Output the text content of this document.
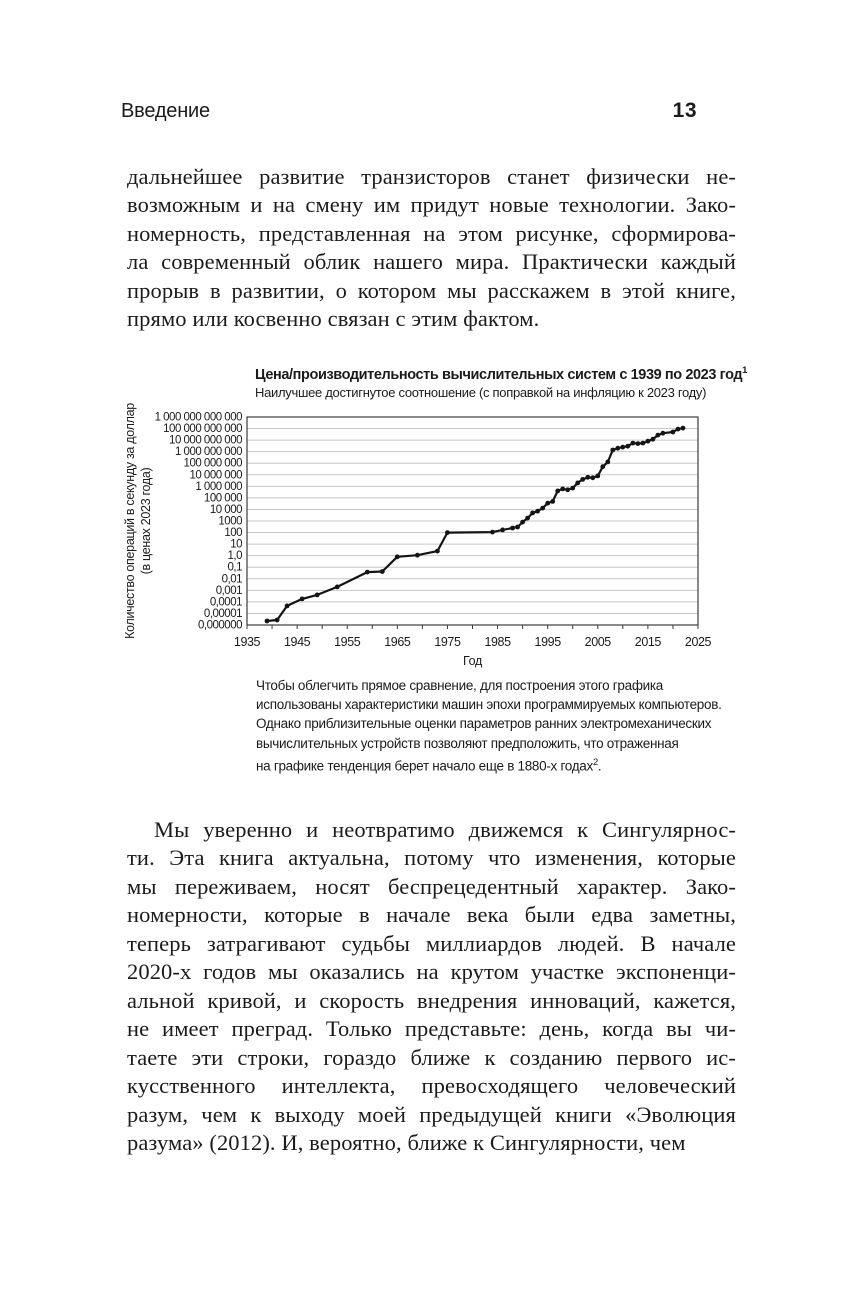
Введение	13
дальнейшее развитие транзисторов станет физически не-
возможным и на смену им придут новые технологии. Зако-
номерность, представленная на этом рисунке, сформирова-
ла современный облик нашего мира. Практически каждый
прорыв в развитии, о котором мы расскажем в этой книге,
прямо или косвенно связан с этим фактом.
Цена/производительность вычислительных систем с 1939 по 2023 год$^1$
Наилучшее достигнутое соотношение (с поправкой на инфляцию к 2023 году)
1 000 000 000 000
100 000 000 000
10 000 000 000
1 000 000 000
100 000 000
10 000 000
1 000 000
100 000
10 000
1000
100
10
1,0
0,1
0,01
0,001
0,0001
0,00001
0,000000
1935 1945 1955 1965 1975 1985 1995 2005 2015 2025
Год
Количество операций в секунду за доллар (в ценах 2023 года)
Чтобы облегчить прямое сравнение, для построения этого графика
использованы характеристики машин эпохи программируемых компьютеров.
Однако приблизительные оценки параметров ранних электромеханических
вычислительных устройств позволяют предположить, что отраженная
на графике тенденция берет начало еще в 1880-х годах$^2$.
Мы уверенно и неотвратимо движемся к Сингулярнос-
ти. Эта книга актуальна, потому что изменения, которые
мы переживаем, носят беспрецедентный характер. Зако-
номерности, которые в начале века были едва заметны,
теперь затрагивают судьбы миллиардов людей. В начале
2020-х годов мы оказались на крутом участке экспоненци-
альной кривой, и скорость внедрения инноваций, кажется,
не имеет преград. Только представьте: день, когда вы чи-
таете эти строки, гораздо ближе к созданию первого ис-
кусственного интеллекта, превосходящего человеческий
разум, чем к выходу моей предыдущей книги «Эволюция
разума» (2012). И, вероятно, ближе к Сингулярности, чем
